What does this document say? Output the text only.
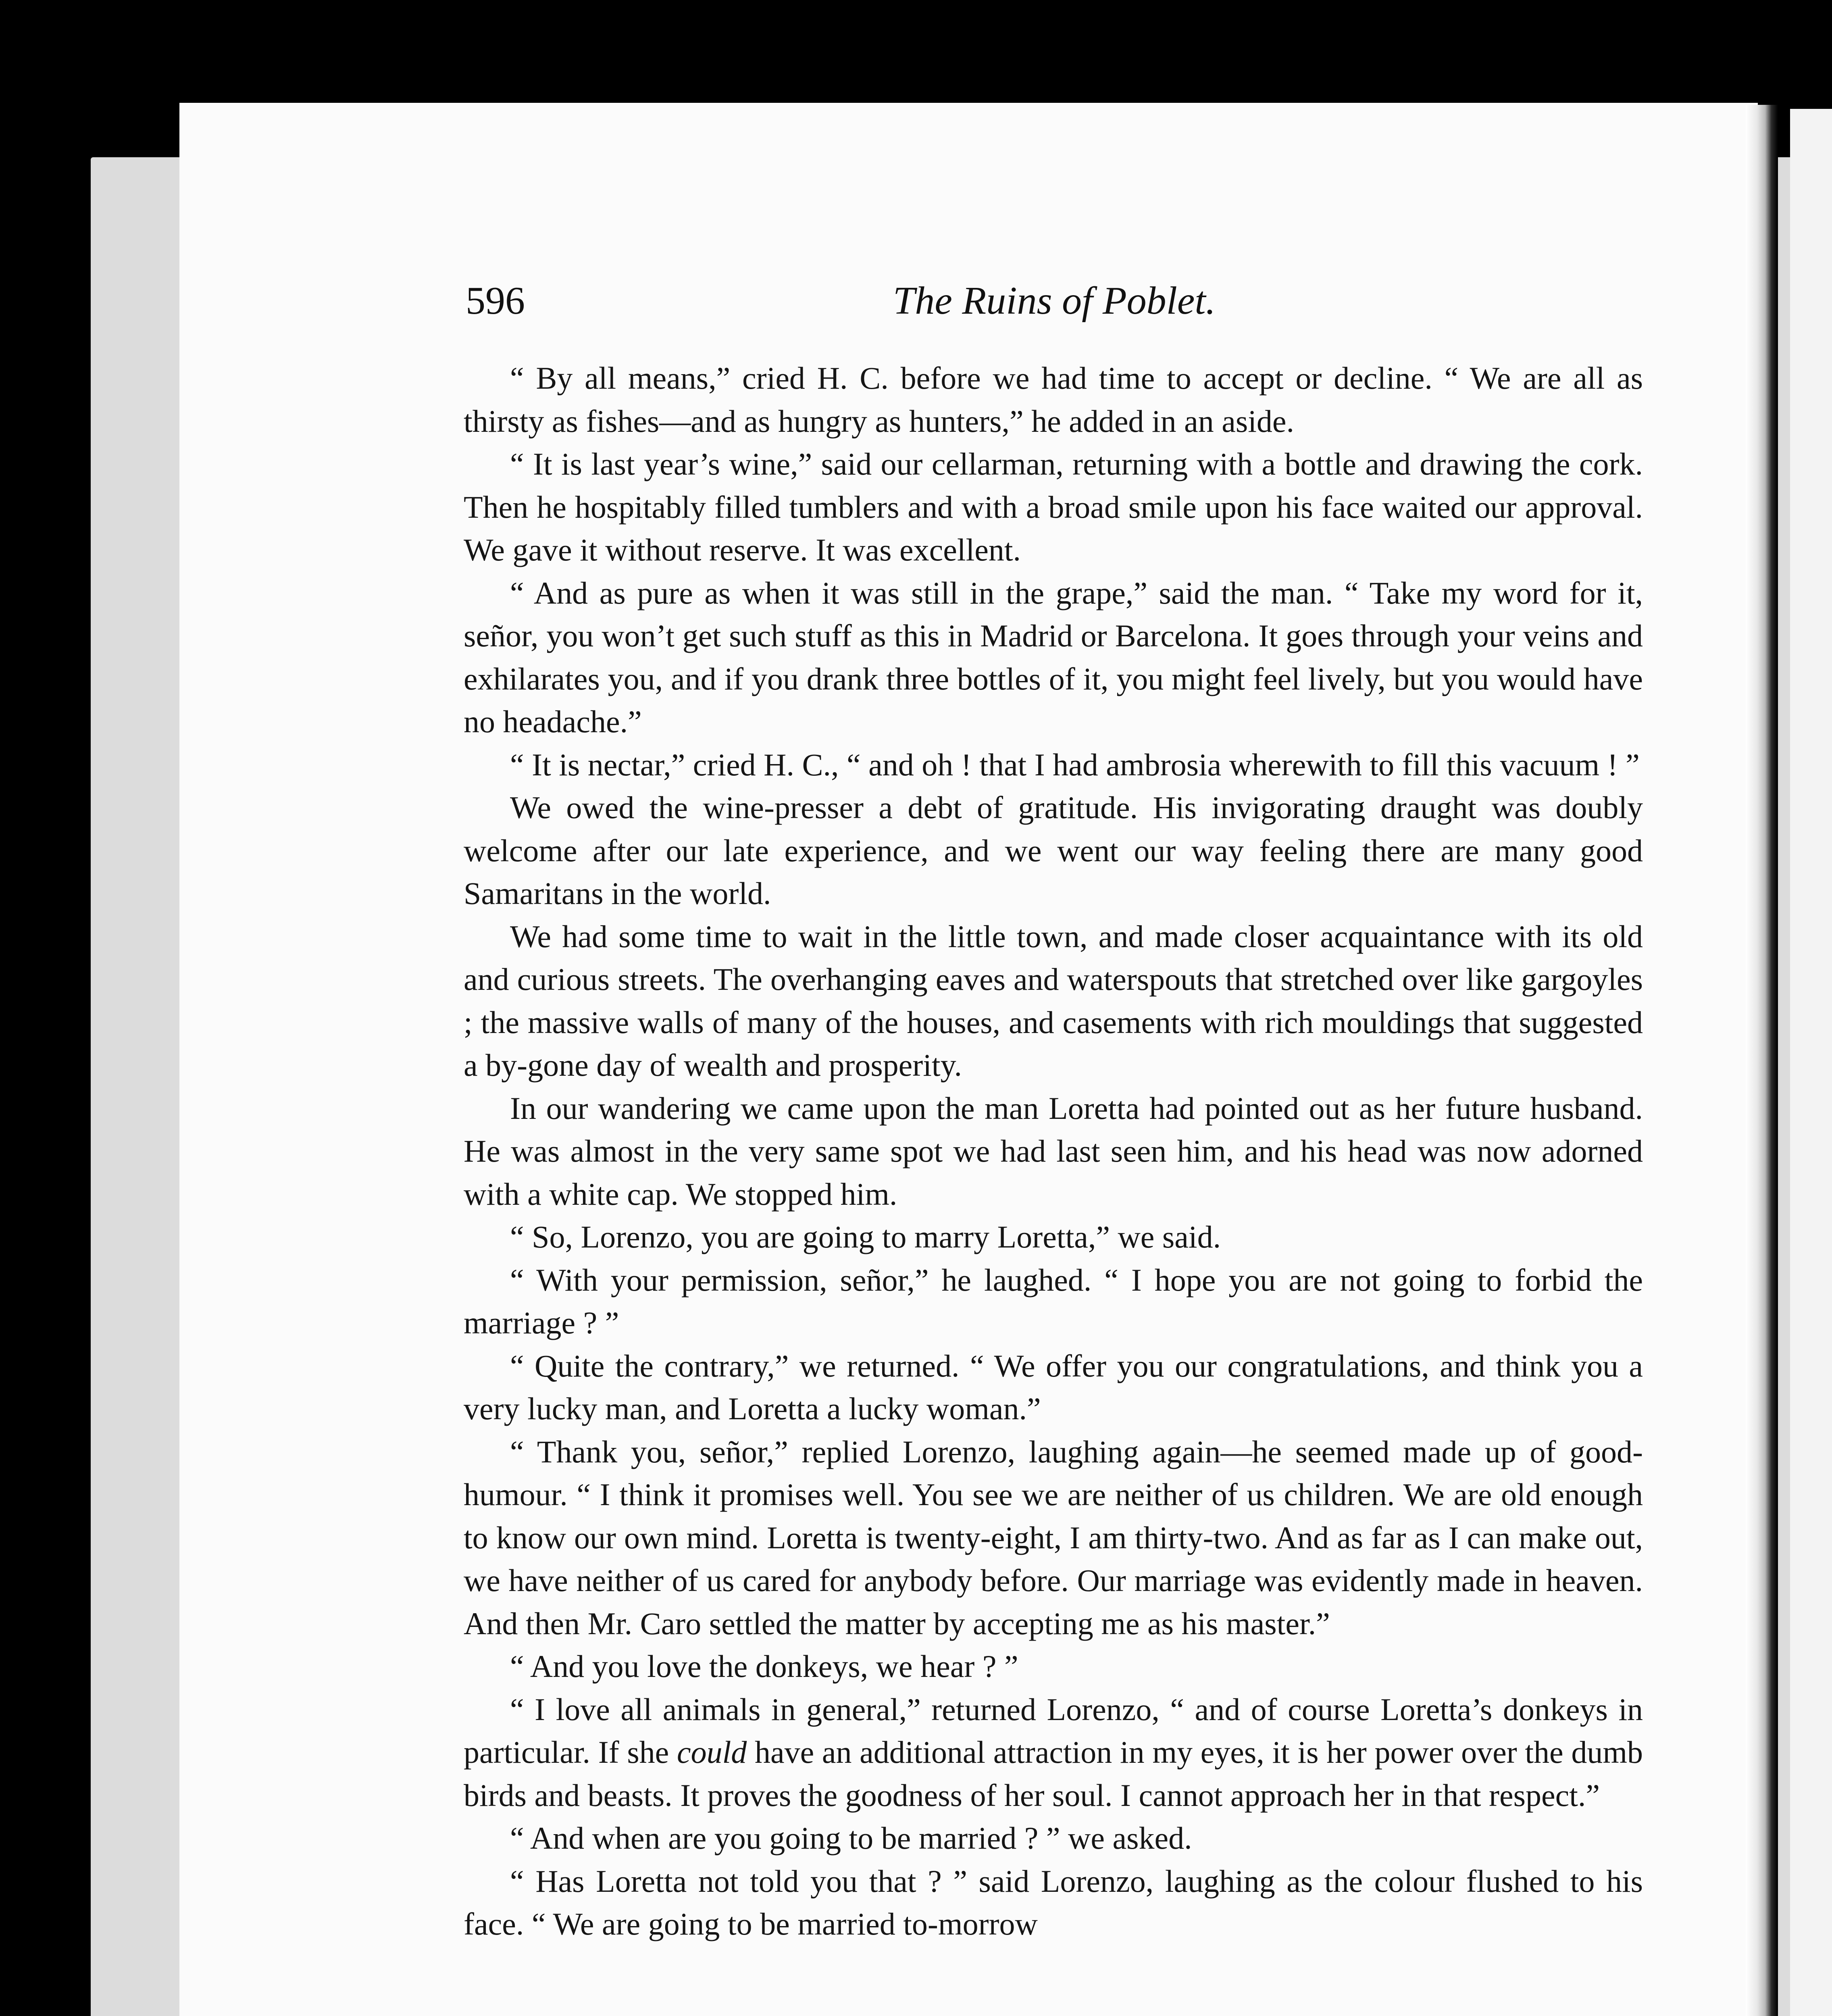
596	The Ruins of Poblet.

“ By all means,” cried H. C. before we had time to accept or decline. “ We are all as thirsty as fishes—and as hungry as hunters,” he added in an aside.

“ It is last year’s wine,” said our cellarman, returning with a bottle and drawing the cork. Then he hospitably filled tumblers and with a broad smile upon his face waited our approval. We gave it without reserve. It was excellent.

“ And as pure as when it was still in the grape,” said the man. “ Take my word for it, señor, you won’t get such stuff as this in Madrid or Barcelona. It goes through your veins and exhilarates you, and if you drank three bottles of it, you might feel lively, but you would have no headache.”

“ It is nectar,” cried H. C., “ and oh ! that I had ambrosia wherewith to fill this vacuum ! ”

We owed the wine-presser a debt of gratitude. His invigorating draught was doubly welcome after our late experience, and we went our way feeling there are many good Samaritans in the world.

We had some time to wait in the little town, and made closer acquaintance with its old and curious streets. The overhanging eaves and waterspouts that stretched over like gargoyles ; the massive walls of many of the houses, and casements with rich mouldings that suggested a by-gone day of wealth and prosperity.

In our wandering we came upon the man Loretta had pointed out as her future husband. He was almost in the very same spot we had last seen him, and his head was now adorned with a white cap. We stopped him.

“ So, Lorenzo, you are going to marry Loretta,” we said.

“ With your permission, señor,” he laughed. “ I hope you are not going to forbid the marriage ? ”

“ Quite the contrary,” we returned. “ We offer you our congratulations, and think you a very lucky man, and Loretta a lucky woman.”

“ Thank you, señor,” replied Lorenzo, laughing again—he seemed made up of good-humour. “ I think it promises well. You see we are neither of us children. We are old enough to know our own mind. Loretta is twenty-eight, I am thirty-two. And as far as I can make out, we have neither of us cared for anybody before. Our marriage was evidently made in heaven. And then Mr. Caro settled the matter by accepting me as his master.”

“ And you love the donkeys, we hear ? ”

“ I love all animals in general,” returned Lorenzo, “ and of course Loretta’s donkeys in particular. If she could have an additional attraction in my eyes, it is her power over the dumb birds and beasts. It proves the goodness of her soul. I cannot approach her in that respect.”

“ And when are you going to be married ? ” we asked.

“ Has Loretta not told you that ? ” said Lorenzo, laughing as the colour flushed to his face. “ We are going to be married to-morrow
